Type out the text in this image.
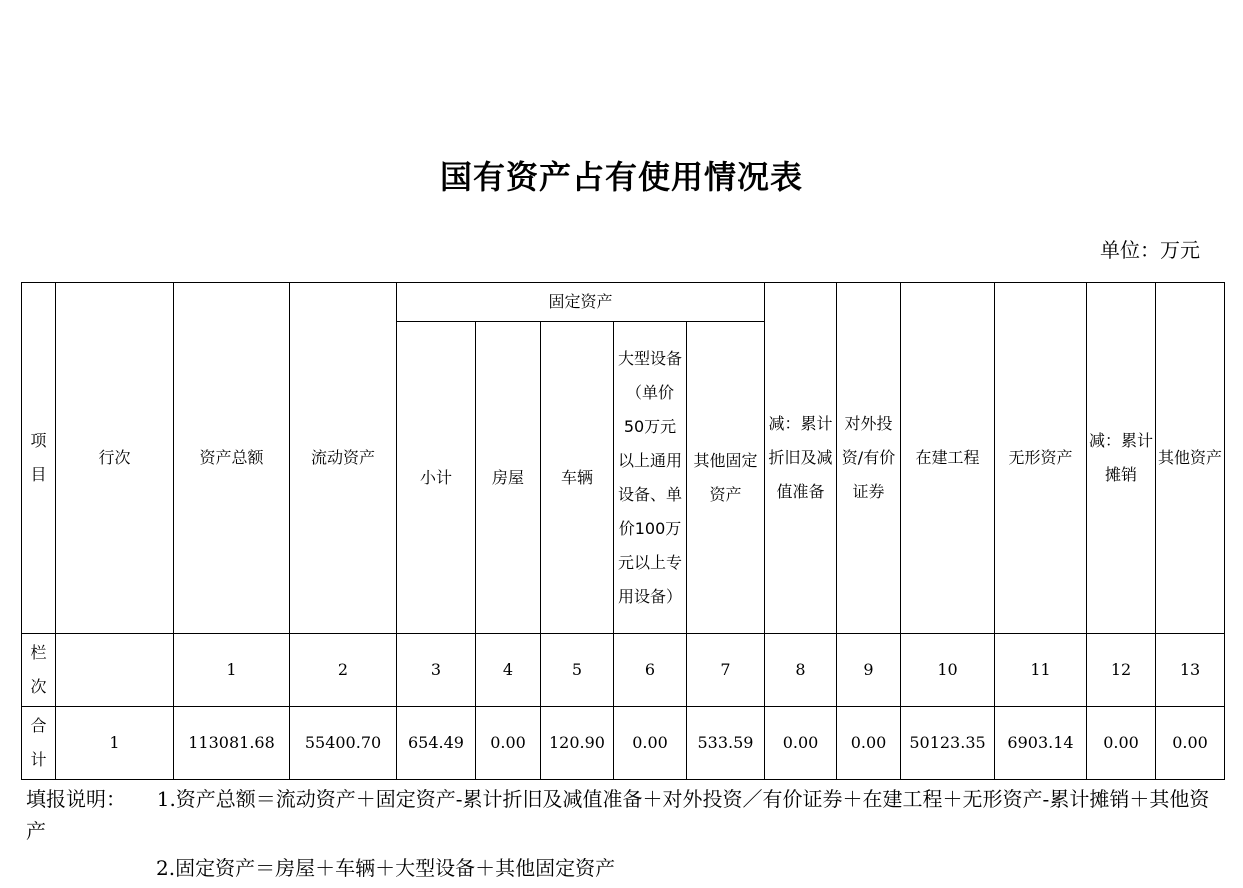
国有资产占有使用情况表
单位：万元
项目	行次	资产总额	流动资产	固定资产					减：累计折旧及减值准备	对外投资/有价证券	在建工程	无形资产	减：累计摊销	其他资产
				小计	房屋	车辆	大型设备（单价50万元以上通用设备、单价100万元以上专用设备）	其他固定资产						
栏次		1	2	3	4	5	6	7	8	9	10	11	12	13
合计	1	113081.68	55400.70	654.49	0.00	120.90	0.00	533.59	0.00	0.00	50123.35	6903.14	0.00	0.00
填报说明： 1.资产总额＝流动资产＋固定资产-累计折旧及减值准备＋对外投资／有价证券＋在建工程＋无形资产-累计摊销＋其他资产
2.固定资产＝房屋＋车辆＋大型设备＋其他固定资产
